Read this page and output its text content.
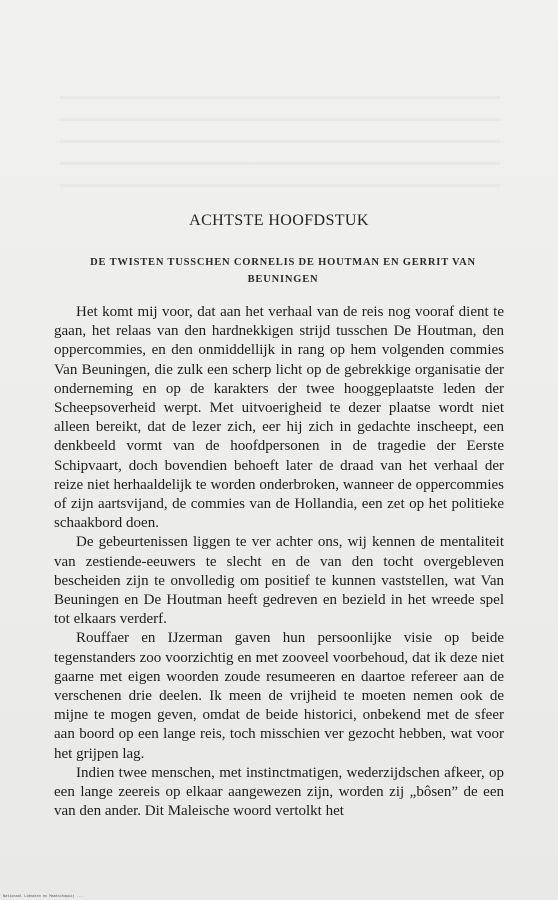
ACHTSTE HOOFDSTUK
DE TWISTEN TUSSCHEN CORNELIS DE HOUTMAN EN GERRIT VAN BEUNINGEN

Het komt mij voor, dat aan het verhaal van de reis nog vooraf dient te gaan, het relaas van den hardnekkigen strijd tusschen De Houtman, den oppercommies, en den onmiddellijk in rang op hem volgenden commies Van Beuningen, die zulk een scherp licht op de gebrekkige organisatie der onderneming en op de karakters der twee hooggeplaatste leden der Scheepsoverheid werpt. Met uitvoerigheid te dezer plaatse wordt niet alleen bereikt, dat de lezer zich, eer hij zich in gedachte inscheept, een denkbeeld vormt van de hoofdpersonen in de tragedie der Eerste Schipvaart, doch bovendien behoeft later de draad van het verhaal der reize niet herhaaldelijk te worden onderbroken, wanneer de oppercommies of zijn aartsvijand, de commies van de Hollandia, een zet op het politieke schaakbord doen.

De gebeurtenissen liggen te ver achter ons, wij kennen de mentaliteit van zestiende-eeuwers te slecht en de van den tocht overgebleven bescheiden zijn te onvolledig om positief te kunnen vaststellen, wat Van Beuningen en De Houtman heeft gedreven en bezield in het wreede spel tot elkaars verderf.

Rouffaer en IJzerman gaven hun persoonlijke visie op beide tegenstanders zoo voorzichtig en met zooveel voorbehoud, dat ik deze niet gaarne met eigen woorden zoude resumeeren en daartoe refereer aan de verschenen drie deelen. Ik meen de vrijheid te moeten nemen ook de mijne te mogen geven, omdat de beide historici, onbekend met de sfeer aan boord op een lange reis, toch misschien ver gezocht hebben, wat voor het grijpen lag.

Indien twee menschen, met instinctmatigen, wederzijdschen afkeer, op een lange zeereis op elkaar aangewezen zijn, worden zij „bôsen” de een van den ander. Dit Maleische woord vertolkt het

Nationaal Lidmaten en Maatschappij ...
